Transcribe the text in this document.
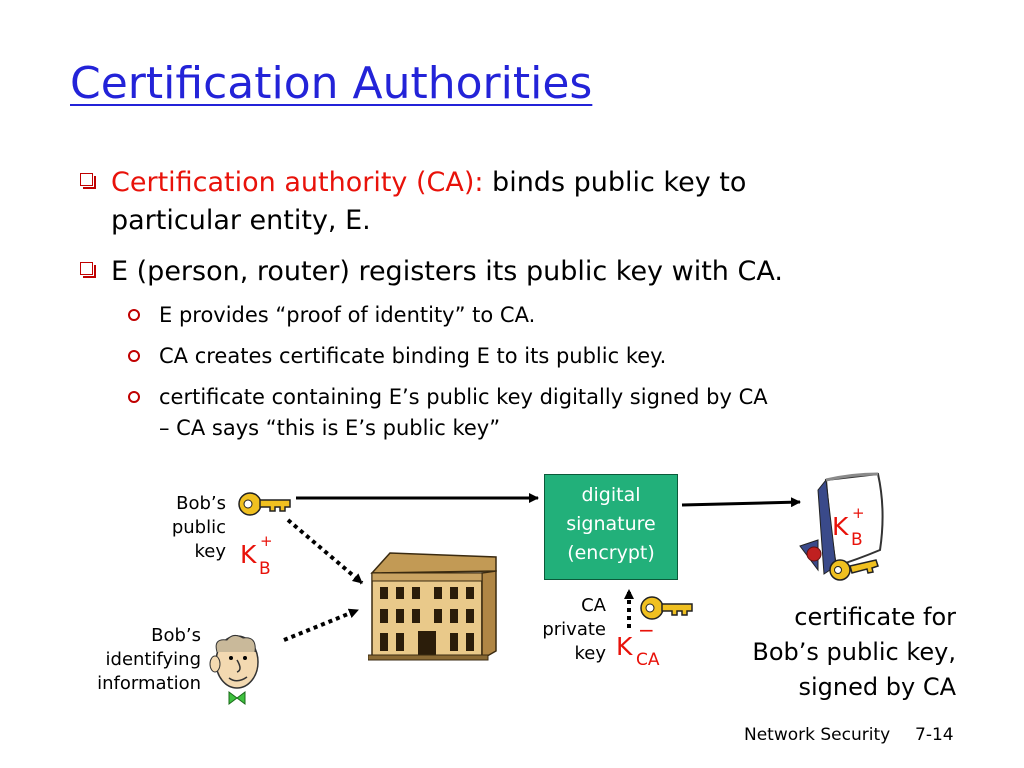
Certification Authorities
Certification authority (CA): binds public key to
particular entity, E.
E (person, router) registers its public key with CA.
E provides “proof of identity” to CA.
CA creates certificate binding E to its public key.
certificate containing E’s public key digitally signed by CA
– CA says “this is E’s public key”
Bob’s
public
key K +
B
Bob’s
identifying
information
digital
signature
(encrypt)
CA
private
key K
−
CA
K +
B
certificate for
Bob’s public key,
signed by CA
Network Security 7-14
